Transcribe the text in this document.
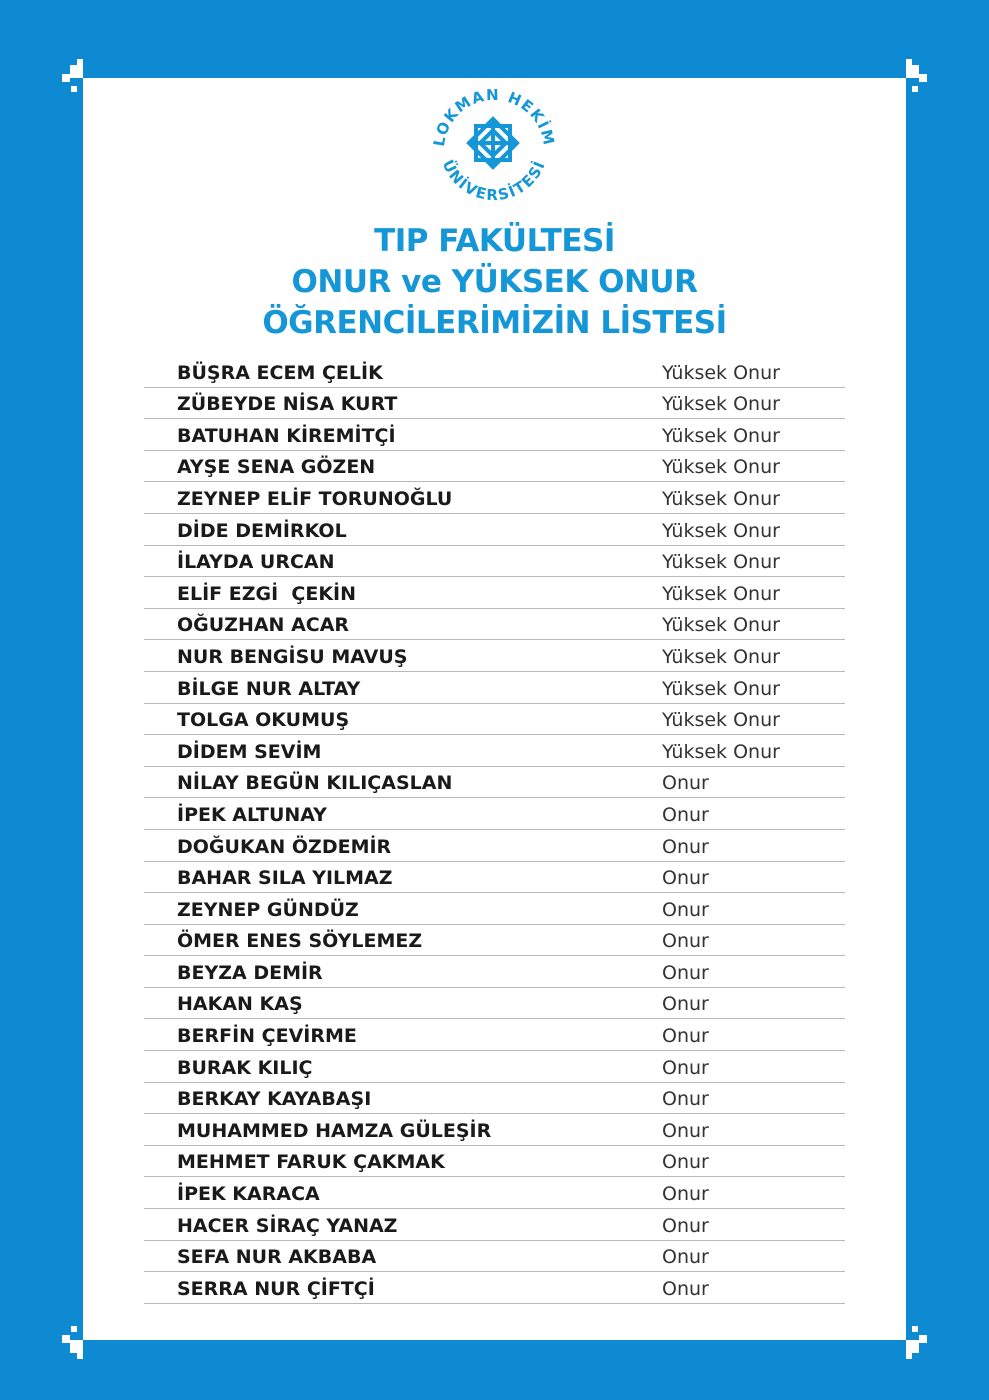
LOKMAN HEKİM
ÜNİVERSİTESİ
TIP FAKÜLTESİ
ONUR ve YÜKSEK ONUR
ÖĞRENCİLERİMİZİN LİSTESİ
BÜŞRA ECEM ÇELİK	Yüksek Onur
ZÜBEYDE NİSA KURT	Yüksek Onur
BATUHAN KİREMİTÇİ	Yüksek Onur
AYŞE SENA GÖZEN	Yüksek Onur
ZEYNEP ELİF TORUNOĞLU	Yüksek Onur
DİDE DEMİRKOL	Yüksek Onur
İLAYDA URCAN	Yüksek Onur
ELİF EZGİ  ÇEKİN	Yüksek Onur
OĞUZHAN ACAR	Yüksek Onur
NUR BENGİSU MAVUŞ	Yüksek Onur
BİLGE NUR ALTAY	Yüksek Onur
TOLGA OKUMUŞ	Yüksek Onur
DİDEM SEVİM	Yüksek Onur
NİLAY BEGÜN KILIÇASLAN	Onur
İPEK ALTUNAY	Onur
DOĞUKAN ÖZDEMİR	Onur
BAHAR SILA YILMAZ	Onur
ZEYNEP GÜNDÜZ	Onur
ÖMER ENES SÖYLEMEZ	Onur
BEYZA DEMİR	Onur
HAKAN KAŞ	Onur
BERFİN ÇEVİRME	Onur
BURAK KILIÇ	Onur
BERKAY KAYABAŞI	Onur
MUHAMMED HAMZA GÜLEŞİR	Onur
MEHMET FARUK ÇAKMAK	Onur
İPEK KARACA	Onur
HACER SİRAÇ YANAZ	Onur
SEFA NUR AKBABA	Onur
SERRA NUR ÇİFTÇİ	Onur
